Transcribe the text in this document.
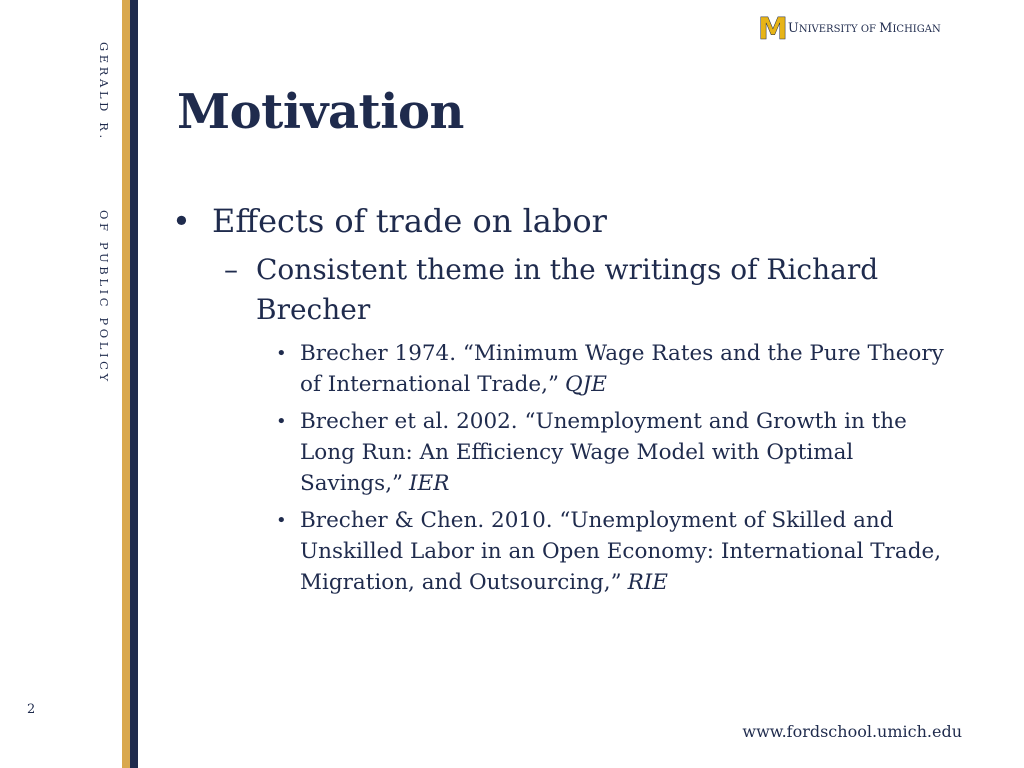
GERALD R.
OF PUBLIC POLICY
M UNIVERSITY OF MICHIGAN
Motivation
• Effects of trade on labor
– Consistent theme in the writings of Richard Brecher
• Brecher 1974. “Minimum Wage Rates and the Pure Theory of International Trade,” QJE
• Brecher et al. 2002. “Unemployment and Growth in the Long Run: An Efficiency Wage Model with Optimal Savings,” IER
• Brecher & Chen. 2010. “Unemployment of Skilled and Unskilled Labor in an Open Economy: International Trade, Migration, and Outsourcing,” RIE
2
www.fordschool.umich.edu
